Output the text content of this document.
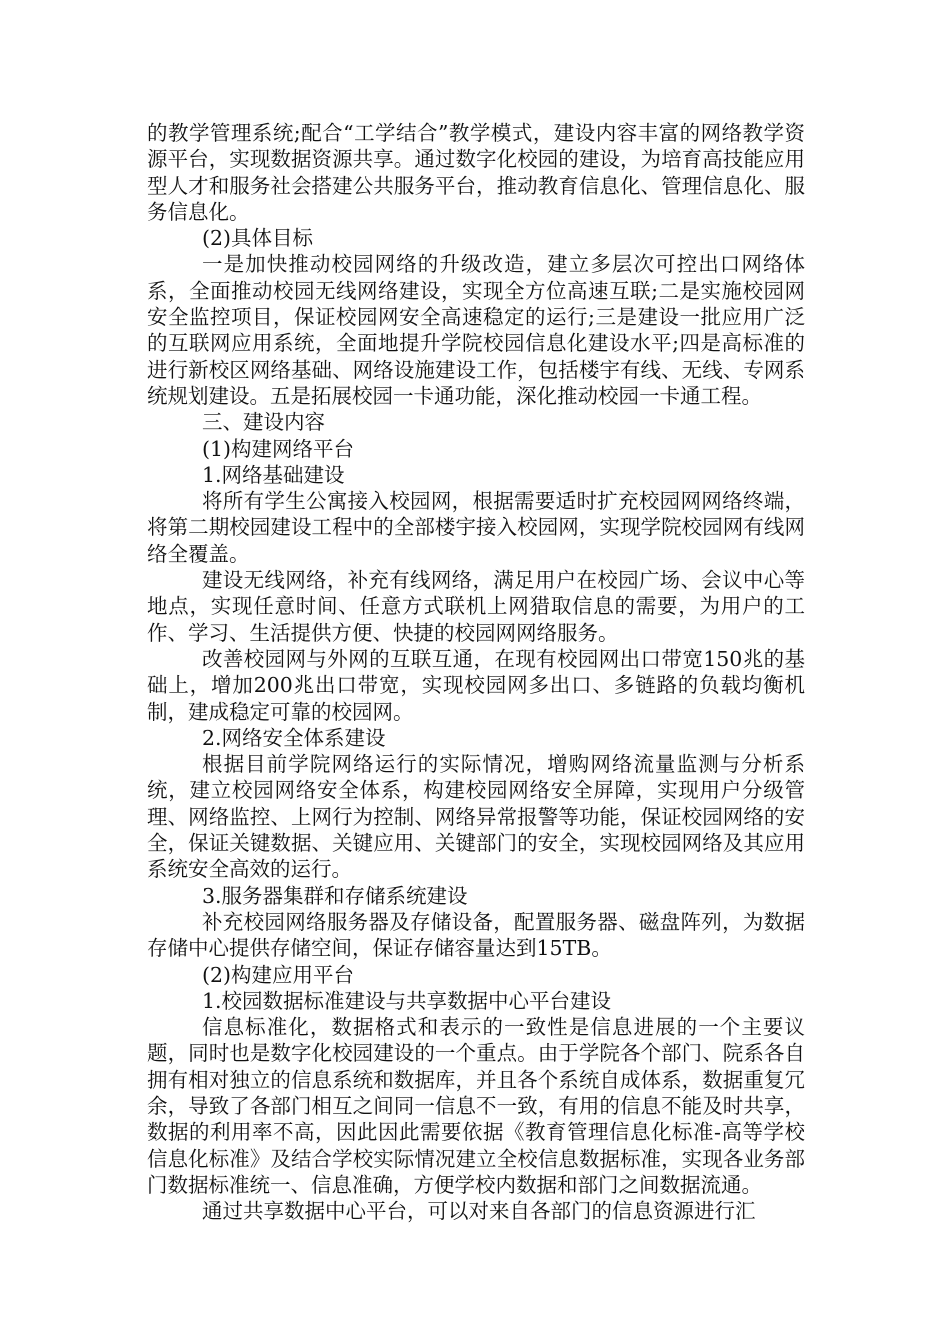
的教学管理系统;配合“工学结合”教学模式，建设内容丰富的网络教学资源平台，实现数据资源共享。通过数字化校园的建设，为培育高技能应用型人才和服务社会搭建公共服务平台，推动教育信息化、管理信息化、服务信息化。

(2)具体目标

一是加快推动校园网络的升级改造，建立多层次可控出口网络体系，全面推动校园无线网络建设，实现全方位高速互联;二是实施校园网安全监控项目，保证校园网安全高速稳定的运行;三是建设一批应用广泛的互联网应用系统，全面地提升学院校园信息化建设水平;四是高标准的进行新校区网络基础、网络设施建设工作，包括楼宇有线、无线、专网系统规划建设。五是拓展校园一卡通功能，深化推动校园一卡通工程。

三、建设内容

(1)构建网络平台

1.网络基础建设

将所有学生公寓接入校园网，根据需要适时扩充校园网网络终端，将第二期校园建设工程中的全部楼宇接入校园网，实现学院校园网有线网络全覆盖。

建设无线网络，补充有线网络，满足用户在校园广场、会议中心等地点，实现任意时间、任意方式联机上网猎取信息的需要，为用户的工作、学习、生活提供方便、快捷的校园网网络服务。

改善校园网与外网的互联互通，在现有校园网出口带宽150兆的基础上，增加200兆出口带宽，实现校园网多出口、多链路的负载均衡机制，建成稳定可靠的校园网。

2.网络安全体系建设

根据目前学院网络运行的实际情况，增购网络流量监测与分析系统，建立校园网络安全体系，构建校园网络安全屏障，实现用户分级管理、网络监控、上网行为控制、网络异常报警等功能，保证校园网络的安全，保证关键数据、关键应用、关键部门的安全，实现校园网络及其应用系统安全高效的运行。

3.服务器集群和存储系统建设

补充校园网络服务器及存储设备，配置服务器、磁盘阵列，为数据存储中心提供存储空间，保证存储容量达到15TB。

(2)构建应用平台

1.校园数据标准建设与共享数据中心平台建设

信息标准化，数据格式和表示的一致性是信息进展的一个主要议题，同时也是数字化校园建设的一个重点。由于学院各个部门、院系各自拥有相对独立的信息系统和数据库，并且各个系统自成体系，数据重复冗余，导致了各部门相互之间同一信息不一致，有用的信息不能及时共享，数据的利用率不高，因此因此需要依据《教育管理信息化标准-高等学校信息化标准》及结合学校实际情况建立全校信息数据标准，实现各业务部门数据标准统一、信息准确，方便学校内数据和部门之间数据流通。

通过共享数据中心平台，可以对来自各部门的信息资源进行汇
